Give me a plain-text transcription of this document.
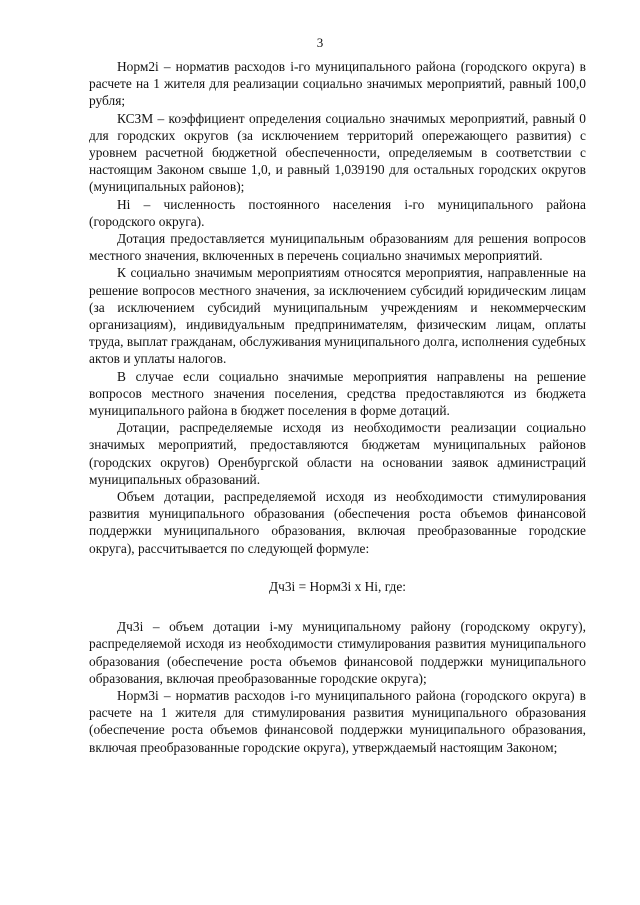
3

Норм2i – норматив расходов i-го муниципального района (городского округа) в расчете на 1 жителя для реализации социально значимых мероприятий, равный 100,0 рубля;

КСЗМ – коэффициент определения социально значимых мероприятий, равный 0 для городских округов (за исключением территорий опережающего развития) с уровнем расчетной бюджетной обеспеченности, определяемым в соответствии с настоящим Законом свыше 1,0, и равный 1,039190 для остальных городских округов (муниципальных районов);

Нi – численность постоянного населения i-го муниципального района (городского округа).

Дотация предоставляется муниципальным образованиям для решения вопросов местного значения, включенных в перечень социально значимых мероприятий.

К социально значимым мероприятиям относятся мероприятия, направленные на решение вопросов местного значения, за исключением субсидий юридическим лицам (за исключением субсидий муниципальным учреждениям и некоммерческим организациям), индивидуальным предпринимателям, физическим лицам, оплаты труда, выплат гражданам, обслуживания муниципального долга, исполнения судебных актов и уплаты налогов.

В случае если социально значимые мероприятия направлены на решение вопросов местного значения поселения, средства предоставляются из бюджета муниципального района в бюджет поселения в форме дотаций.

Дотации, распределяемые исходя из необходимости реализации социально значимых мероприятий, предоставляются бюджетам муниципальных районов (городских округов) Оренбургской области на основании заявок администраций муниципальных образований.

Объем дотации, распределяемой исходя из необходимости стимулирования развития муниципального образования (обеспечения роста объемов финансовой поддержки муниципального образования, включая преобразованные городские округа), рассчитывается по следующей формуле:

Дч3i = Норм3i х Нi, где:

Дч3i – объем дотации i-му муниципальному району (городскому округу), распределяемой исходя из необходимости стимулирования развития муниципального образования (обеспечение роста объемов финансовой поддержки муниципального образования, включая преобразованные городские округа);

Норм3i – норматив расходов i-го муниципального района (городского округа) в расчете на 1 жителя для стимулирования развития муниципального образования (обеспечение роста объемов финансовой поддержки муниципального образования, включая преобразованные городские округа), утверждаемый настоящим Законом;
